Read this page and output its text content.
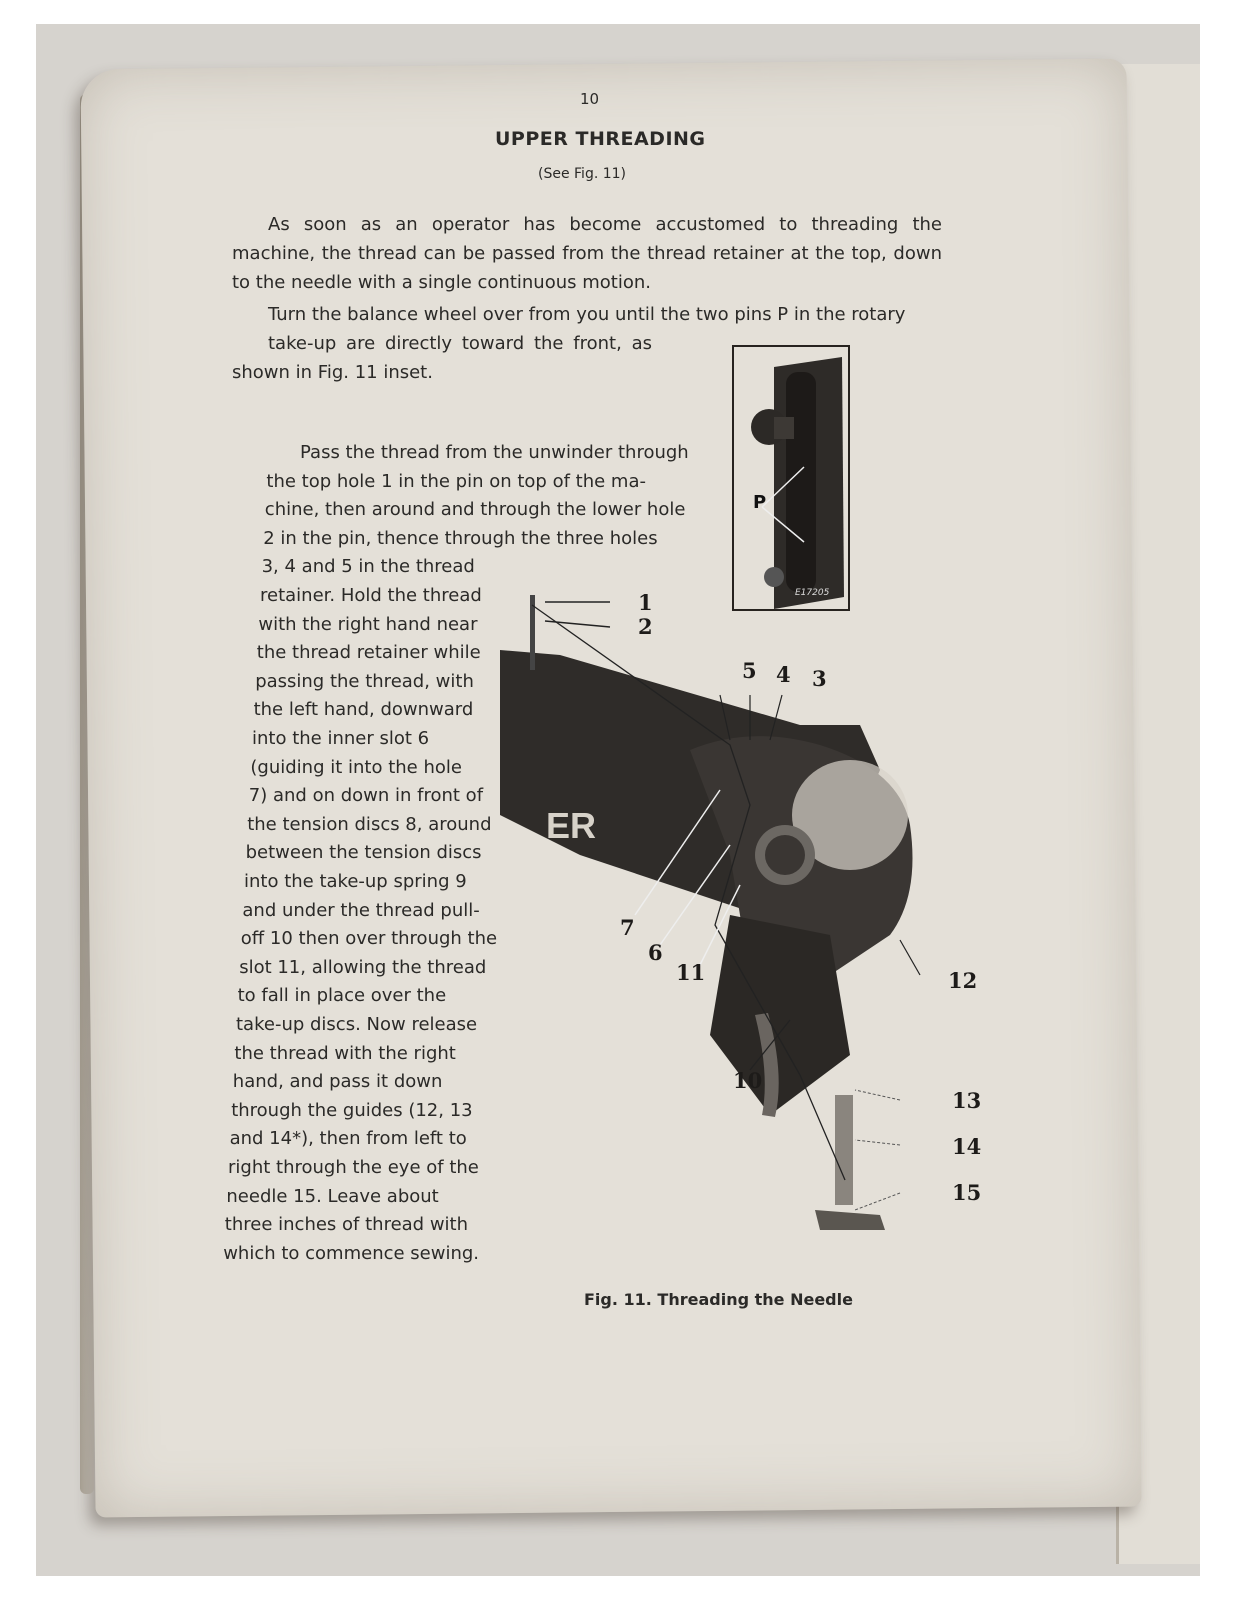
10
UPPER THREADING
(See Fig. 11)
As soon as an operator has become accustomed to threading the machine, the thread can be passed from the thread retainer at the top, down to the needle with a single continuous motion.
Turn the balance wheel over from you until the two pins P in the rotary
take-up are directly toward the front, as shown in Fig. 11 inset.
P
E17205
ER
1
2
5 4 3
7
6
11	12
10
13
14
15
Fig. 11. Threading the Needle
Pass the thread from the unwinder through
the top hole 1 in the pin on top of the ma-
chine, then around and through the lower hole
2 in the pin, thence through the three holes
3, 4 and 5 in the thread
retainer. Hold the thread
with the right hand near
the thread retainer while
passing the thread, with
the left hand, downward
into the inner slot 6
(guiding it into the hole
7) and on down in front of
the tension discs 8, around
between the tension discs
into the take-up spring 9
and under the thread pull-
off 10 then over through the
slot 11, allowing the thread
to fall in place over the
take-up discs. Now release
the thread with the right
hand, and pass it down
through the guides (12, 13
and 14*), then from left to
right through the eye of the
needle 15. Leave about
three inches of thread with
which to commence sewing.
